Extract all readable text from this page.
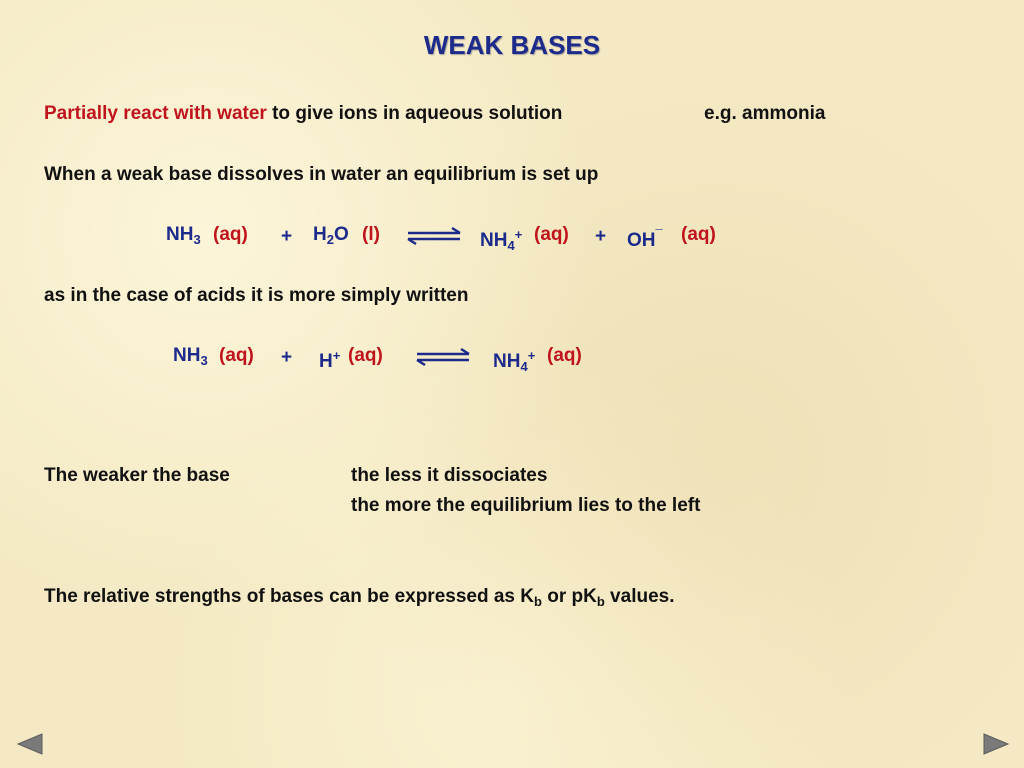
WEAK BASES
Partially react with water to give ions in aqueous solution	e.g. ammonia
When a weak base dissolves in water an equilibrium is set up
$NH_3$ $(aq) + H_2O$ (l) ⇌ $NH_4^+$ (aq) + OH¯ (aq)
as in the case of acids it is more simply written
$NH_3$ (aq) + H+ (aq) ⇌ $NH_4^+$ (aq)
The weaker the base	the less it dissociates
the more the equilibrium lies to the left
The relative strengths of bases can be expressed as $K_b$ or $pK_b$ values.
